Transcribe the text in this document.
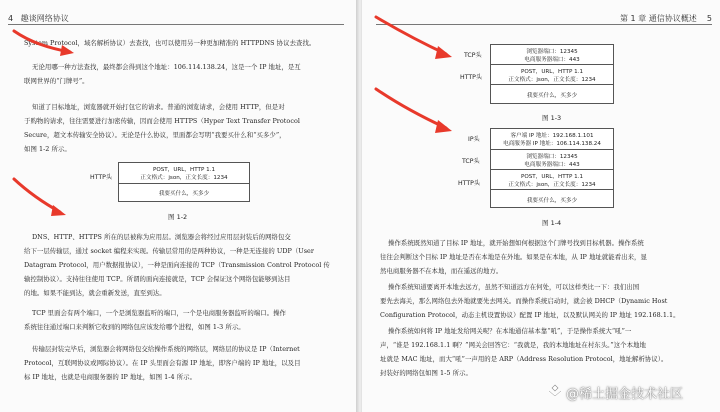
4 趣谈网络协议
System Protocol，域名解析协议）去查找，也可以使用另一种更加精准的 HTTPDNS 协议去查找。
无论用哪一种方法查找，最终都会得到这个地址：106.114.138.24，这是一个 IP 地址，是互
联网世界的“门牌号”。
知道了目标地址，浏览器就开始打包它的请求。普通的浏览请求，会使用 HTTP，但是对
于购物的请求，往往需要进行加密传输，因而会使用 HTTPS（Hyper Text Transfer Protocol
Secure，超文本传输安全协议）。无论是什么协议，里面都会写明“我要买什么和“买多少”，
如图 1-2 所示。
HTTP头
POST，URL，HTTP 1.1
正文格式：json，正文长度：1234
我要买什么，买多少
图 1-2
DNS、HTTP、HTTPS 所在的层被称为应用层。浏览器会将经过应用层封装后的网络包交
给下一层传输层，通过 socket 编程来实现。传输层常用的是两种协议，一种是无连接的 UDP（User
Datagram Protocol，用户数据报协议），一种是面向连接的 TCP（Transmission Control Protocol 传
输控制协议）。支持往往使用 TCP。所谓的面向连接就是，TCP 会保证这个网络包能够到达目
的地。如果不能到达，就会重新发送，直至到达。
TCP 里面会有两个端口，一个是浏览器监听的端口，一个是电商服务器监听的端口。操作
系统往往通过端口来判断它收到的网络包应该发给哪个进程，如图 1-3 所示。
传输层封装完毕后，浏览器会将网络包交给操作系统的网络层，网络层的协议是 IP（Internet
Protocol，互联网协议或网际协议）。在 IP 头里面会有源 IP 地址，即客户端的 IP 地址，以及目
标 IP 地址，也就是电商服务器的 IP 地址，如图 1-4 所示。
第 1 章 通信协议概述 5
TCP头
HTTP头
浏览器端口：12345
电商服务器端口：443
POST，URL，HTTP 1.1
正文格式：json，正文长度：1234
我要买什么，买多少
图 1-3
IP头
TCP头
HTTP头
客户端 IP 地址：192.168.1.101
电商服务器 IP 地址：106.114.138.24
浏览器端口：12345
电商服务器端口：443
POST，URL，HTTP 1.1
正文格式：json，正文长度：1234
我要买什么，买多少
图 1-4
操作系统既然知道了目标 IP 地址，就开始想如何根据这个门牌号找到目标机器。操作系统
往往会判断这个目标 IP 地址是否在本地是在外地。如果是在本地，从 IP 地址就能看出来，显
然电商服务器不在本地，而在遥远的地方。
操作系统知道要离开本地去远方，虽然不知道远方在何处，可以这样类比一下：我们出国
要先去海关，那么网络包去外地就要先去网关。而操作系统启动时，就会被 DHCP（Dynamic Host
Configuration Protocol，动态主机设置协议）配置 IP 地址，以及默认网关的 IP 地址 192.168.1.1。
操作系统如何将 IP 地址发给网关呢？在本地通信基本靠“吼”，于是操作系统大“吼”一
声，“谁是 192.168.1.1 啊？”网关会回答它：“我就是，我的本地地址在村东头。”这个本地地
址就是 MAC 地址，而大“吼”一声用的是 ARP（Address Resolution Protocol，地址解析协议）。
封装好的网络包如图 1-5 所示。
@稀土掘金技术社区
